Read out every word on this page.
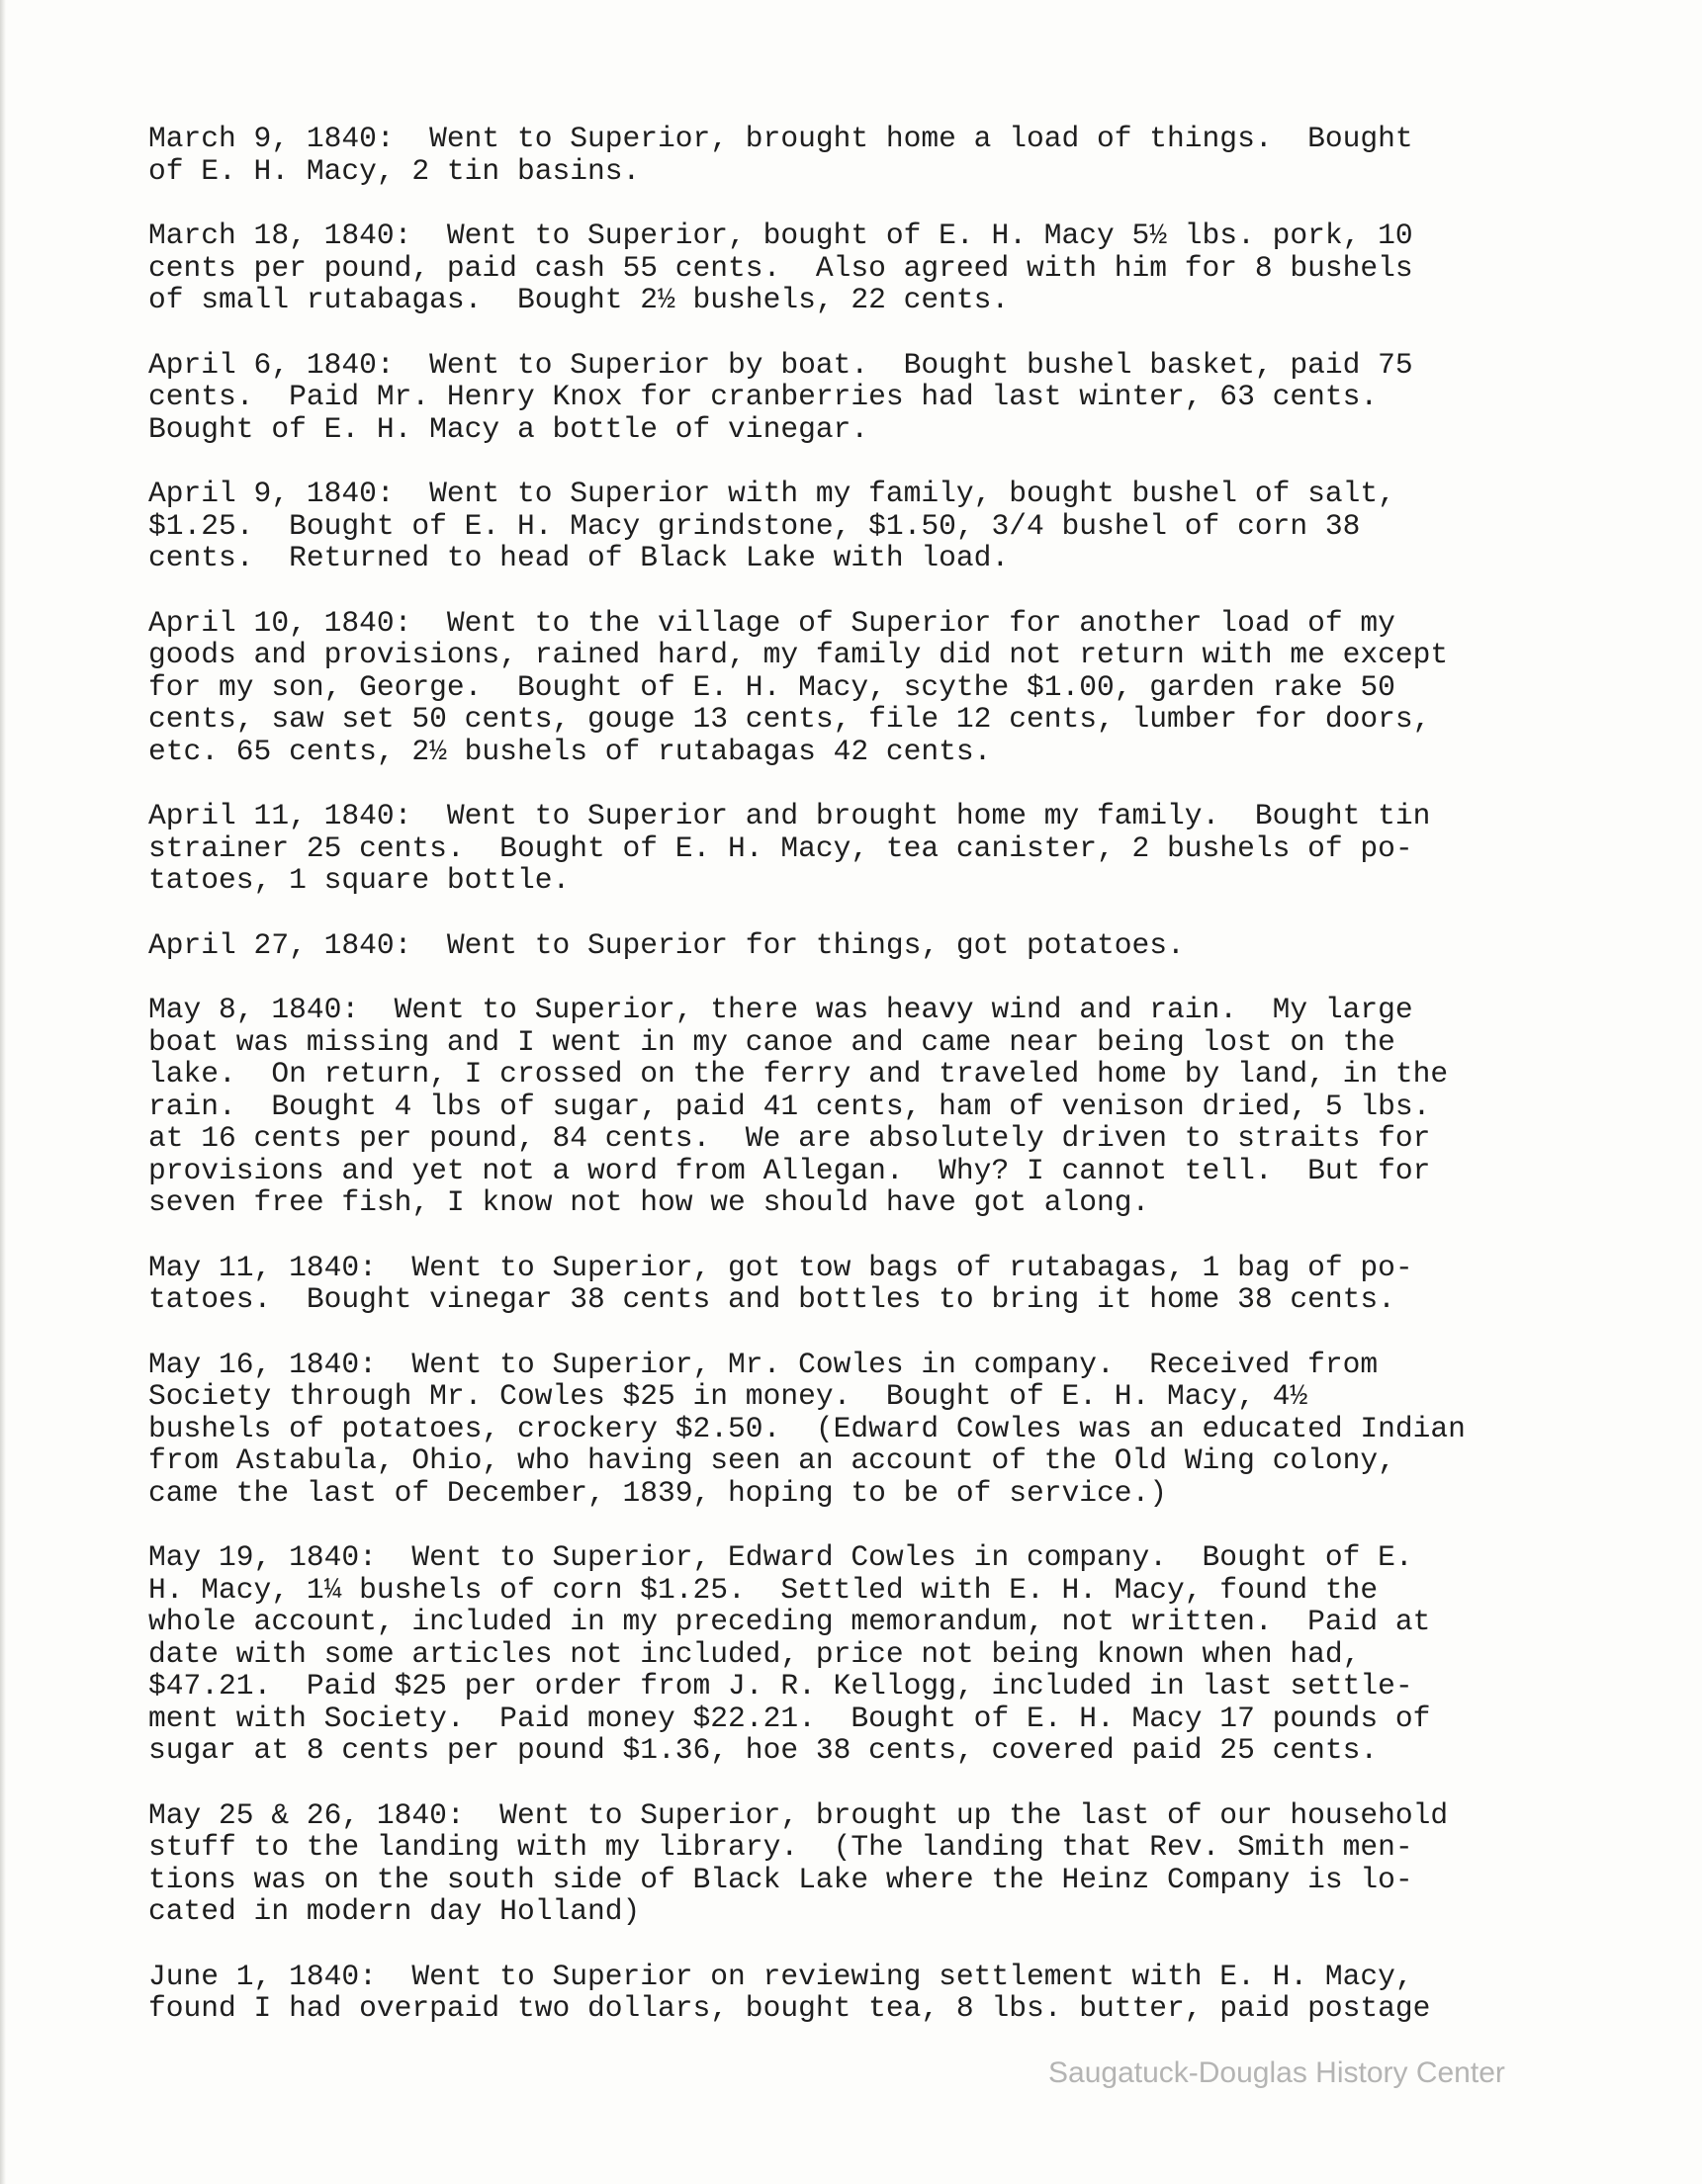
March 9, 1840:  Went to Superior, brought home a load of things.  Bought
of E. H. Macy, 2 tin basins.
March 18, 1840:  Went to Superior, bought of E. H. Macy 5½ lbs. pork, 10
cents per pound, paid cash 55 cents.  Also agreed with him for 8 bushels
of small rutabagas.  Bought 2½ bushels, 22 cents.
April 6, 1840:  Went to Superior by boat.  Bought bushel basket, paid 75
cents.  Paid Mr. Henry Knox for cranberries had last winter, 63 cents.
Bought of E. H. Macy a bottle of vinegar.
April 9, 1840:  Went to Superior with my family, bought bushel of salt,
$1.25.  Bought of E. H. Macy grindstone, $1.50, 3/4 bushel of corn 38
cents.  Returned to head of Black Lake with load.
April 10, 1840:  Went to the village of Superior for another load of my
goods and provisions, rained hard, my family did not return with me except
for my son, George.  Bought of E. H. Macy, scythe $1.00, garden rake 50
cents, saw set 50 cents, gouge 13 cents, file 12 cents, lumber for doors,
etc. 65 cents, 2½ bushels of rutabagas 42 cents.
April 11, 1840:  Went to Superior and brought home my family.  Bought tin
strainer 25 cents.  Bought of E. H. Macy, tea canister, 2 bushels of po-
tatoes, 1 square bottle.
April 27, 1840:  Went to Superior for things, got potatoes.
May 8, 1840:  Went to Superior, there was heavy wind and rain.  My large
boat was missing and I went in my canoe and came near being lost on the
lake.  On return, I crossed on the ferry and traveled home by land, in the
rain.  Bought 4 lbs of sugar, paid 41 cents, ham of venison dried, 5 lbs.
at 16 cents per pound, 84 cents.  We are absolutely driven to straits for
provisions and yet not a word from Allegan.  Why? I cannot tell.  But for
seven free fish, I know not how we should have got along.
May 11, 1840:  Went to Superior, got tow bags of rutabagas, 1 bag of po-
tatoes.  Bought vinegar 38 cents and bottles to bring it home 38 cents.
May 16, 1840:  Went to Superior, Mr. Cowles in company.  Received from
Society through Mr. Cowles $25 in money.  Bought of E. H. Macy, 4½
bushels of potatoes, crockery $2.50.  (Edward Cowles was an educated Indian
from Astabula, Ohio, who having seen an account of the Old Wing colony,
came the last of December, 1839, hoping to be of service.)
May 19, 1840:  Went to Superior, Edward Cowles in company.  Bought of E.
H. Macy, 1¼ bushels of corn $1.25.  Settled with E. H. Macy, found the
whole account, included in my preceding memorandum, not written.  Paid at
date with some articles not included, price not being known when had,
$47.21.  Paid $25 per order from J. R. Kellogg, included in last settle-
ment with Society.  Paid money $22.21.  Bought of E. H. Macy 17 pounds of
sugar at 8 cents per pound $1.36, hoe 38 cents, covered paid 25 cents.
May 25 & 26, 1840:  Went to Superior, brought up the last of our household
stuff to the landing with my library.  (The landing that Rev. Smith men-
tions was on the south side of Black Lake where the Heinz Company is lo-
cated in modern day Holland)
June 1, 1840:  Went to Superior on reviewing settlement with E. H. Macy,
found I had overpaid two dollars, bought tea, 8 lbs. butter, paid postage
Saugatuck-Douglas History Center
